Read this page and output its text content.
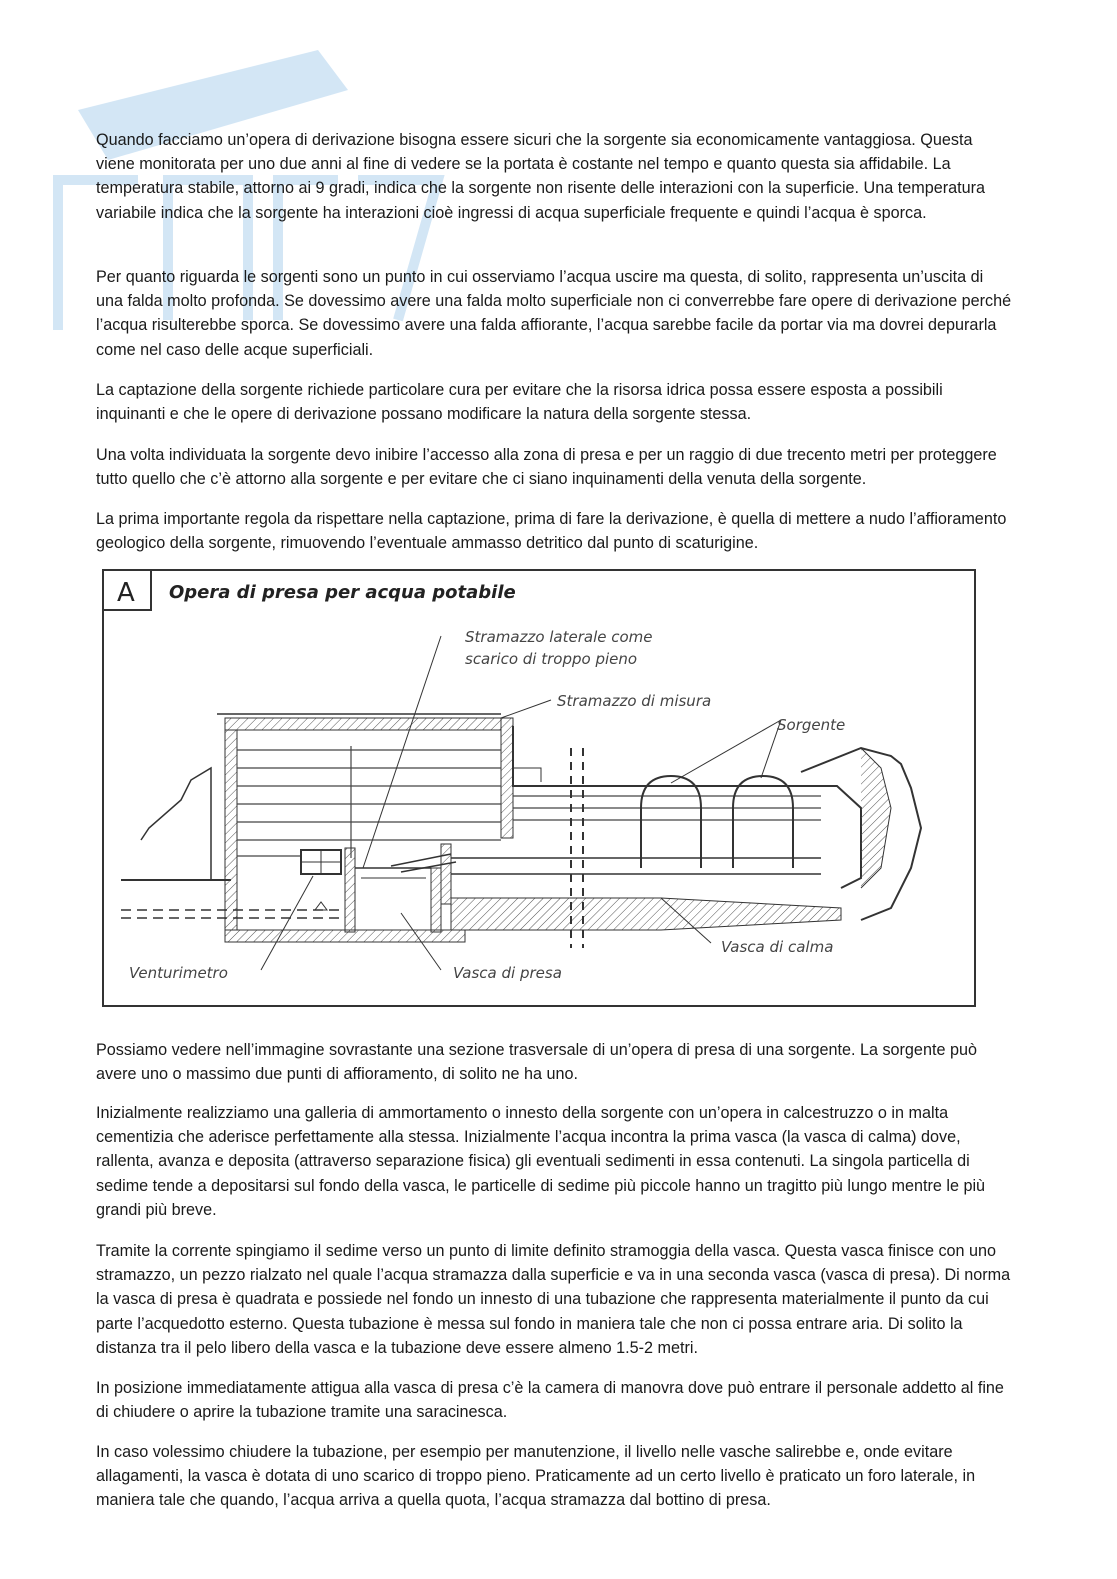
Quando facciamo un’opera di derivazione bisogna essere sicuri che la sorgente sia economicamente vantaggiosa. Questa viene monitorata per uno due anni al fine di vedere se la portata è costante nel tempo e quanto questa sia affidabile. La temperatura stabile, attorno ai 9 gradi, indica che la sorgente non risente delle interazioni con la superficie. Una temperatura variabile indica che la sorgente ha interazioni cioè ingressi di acqua superficiale frequente e quindi l’acqua è sporca.

Per quanto riguarda le sorgenti sono un punto in cui osserviamo l’acqua uscire ma questa, di solito, rappresenta un’uscita di una falda molto profonda. Se dovessimo avere una falda molto superficiale non ci converrebbe fare opere di derivazione perché l’acqua risulterebbe sporca. Se dovessimo avere una falda affiorante, l’acqua sarebbe facile da portar via ma dovrei depurarla come nel caso delle acque superficiali.

La captazione della sorgente richiede particolare cura per evitare che la risorsa idrica possa essere esposta a possibili inquinanti e che le opere di derivazione possano modificare la natura della sorgente stessa.

Una volta individuata la sorgente devo inibire l’accesso alla zona di presa e per un raggio di due trecento metri per proteggere tutto quello che c’è attorno alla sorgente e per evitare che ci siano inquinamenti della venuta della sorgente.

La prima importante regola da rispettare nella captazione, prima di fare la derivazione, è quella di mettere a nudo l’affioramento geologico della sorgente, rimuovendo l’eventuale ammasso detritico dal punto di scaturigine.

Possiamo vedere nell’immagine sovrastante una sezione trasversale di un’opera di presa di una sorgente. La sorgente può avere uno o massimo due punti di affioramento, di solito ne ha uno.

Inizialmente realizziamo una galleria di ammortamento o innesto della sorgente con un’opera in calcestruzzo o in malta cementizia che aderisce perfettamente alla stessa. Inizialmente l’acqua incontra la prima vasca (la vasca di calma) dove, rallenta, avanza e deposita (attraverso separazione fisica) gli eventuali sedimenti in essa contenuti. La singola particella di sedime tende a depositarsi sul fondo della vasca, le particelle di sedime più piccole hanno un tragitto più lungo mentre le più grandi più breve.

Tramite la corrente spingiamo il sedime verso un punto di limite definito stramoggia della vasca. Questa vasca finisce con uno stramazzo, un pezzo rialzato nel quale l’acqua stramazza dalla superficie e va in una seconda vasca (vasca di presa). Di norma la vasca di presa è quadrata e possiede nel fondo un innesto di una tubazione che rappresenta materialmente il punto da cui parte l’acquedotto esterno. Questa tubazione è messa sul fondo in maniera tale che non ci possa entrare aria. Di solito la distanza tra il pelo libero della vasca e la tubazione deve essere almeno 1.5-2 metri.

In posizione immediatamente attigua alla vasca di presa c’è la camera di manovra dove può entrare il personale addetto al fine di chiudere o aprire la tubazione tramite una saracinesca.

In caso volessimo chiudere la tubazione, per esempio per manutenzione, il livello nelle vasche salirebbe e, onde evitare allagamenti, la vasca è dotata di uno scarico di troppo pieno. Praticamente ad un certo livello è praticato un foro laterale, in maniera tale che quando, l’acqua arriva a quella quota, l’acqua stramazza dal bottino di presa.

A Opera di presa per acqua potabile
Stramazzo laterale come
scarico di troppo pieno
Stramazzo di misura
Sorgente
Venturimetro	Vasca di presa
Vasca di calma
